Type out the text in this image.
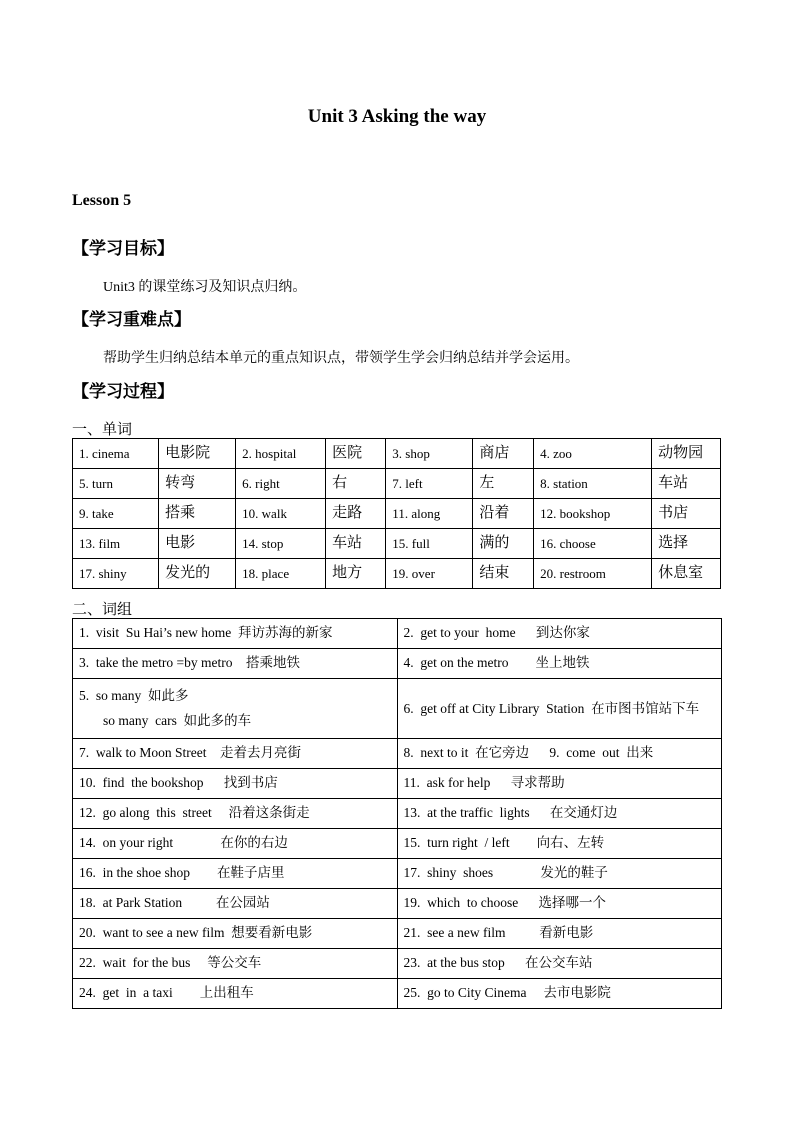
Unit 3 Asking the way
Lesson 5
【学习目标】
Unit3 的课堂练习及知识点归纳。
【学习重难点】
帮助学生归纳总结本单元的重点知识点，带领学生学会归纳总结并学会运用。
【学习过程】
一、单词
1. cinema	电影院	2. hospital	医院	3. shop	商店	4. zoo	动物园
5. turn	转弯	6. right	右	7. left	左	8. station	车站
9. take	搭乘	10. walk	走路	11. along	沿着	12. bookshop	书店
13. film	电影	14. stop	车站	15. full	满的	16. choose	选择
17. shiny	发光的	18. place	地方	19. over	结束	20. restroom	休息室
二、词组
1.  visit  Su Hai’s new home  拜访苏海的新家	2.  get to your  home      到达你家
3.  take the metro =by metro    搭乘地铁	4.  get on the metro        坐上地铁

5.  so many  如此多
so many  cars  如此多的车	6.  get off at City Library  Station  在市图书馆站下车
7.  walk to Moon Street    走着去月亮街	8.  next to it  在它旁边      9.  come  out  出来
10.  find  the bookshop      找到书店	11.  ask for help      寻求帮助
12.  go along  this  street     沿着这条街走	13.  at the traffic  lights      在交通灯边
14.  on your right              在你的右边	15.  turn right  / left        向右、左转
16.  in the shoe shop        在鞋子店里	17.  shiny  shoes              发光的鞋子
18.  at Park Station          在公园站	19.  which  to choose      选择哪一个
20.  want to see a new film  想要看新电影	21.  see a new film          看新电影
22.  wait  for the bus     等公交车	23.  at the bus stop      在公交车站
24.  get  in  a taxi        上出租车	25.  go to City Cinema     去市电影院
